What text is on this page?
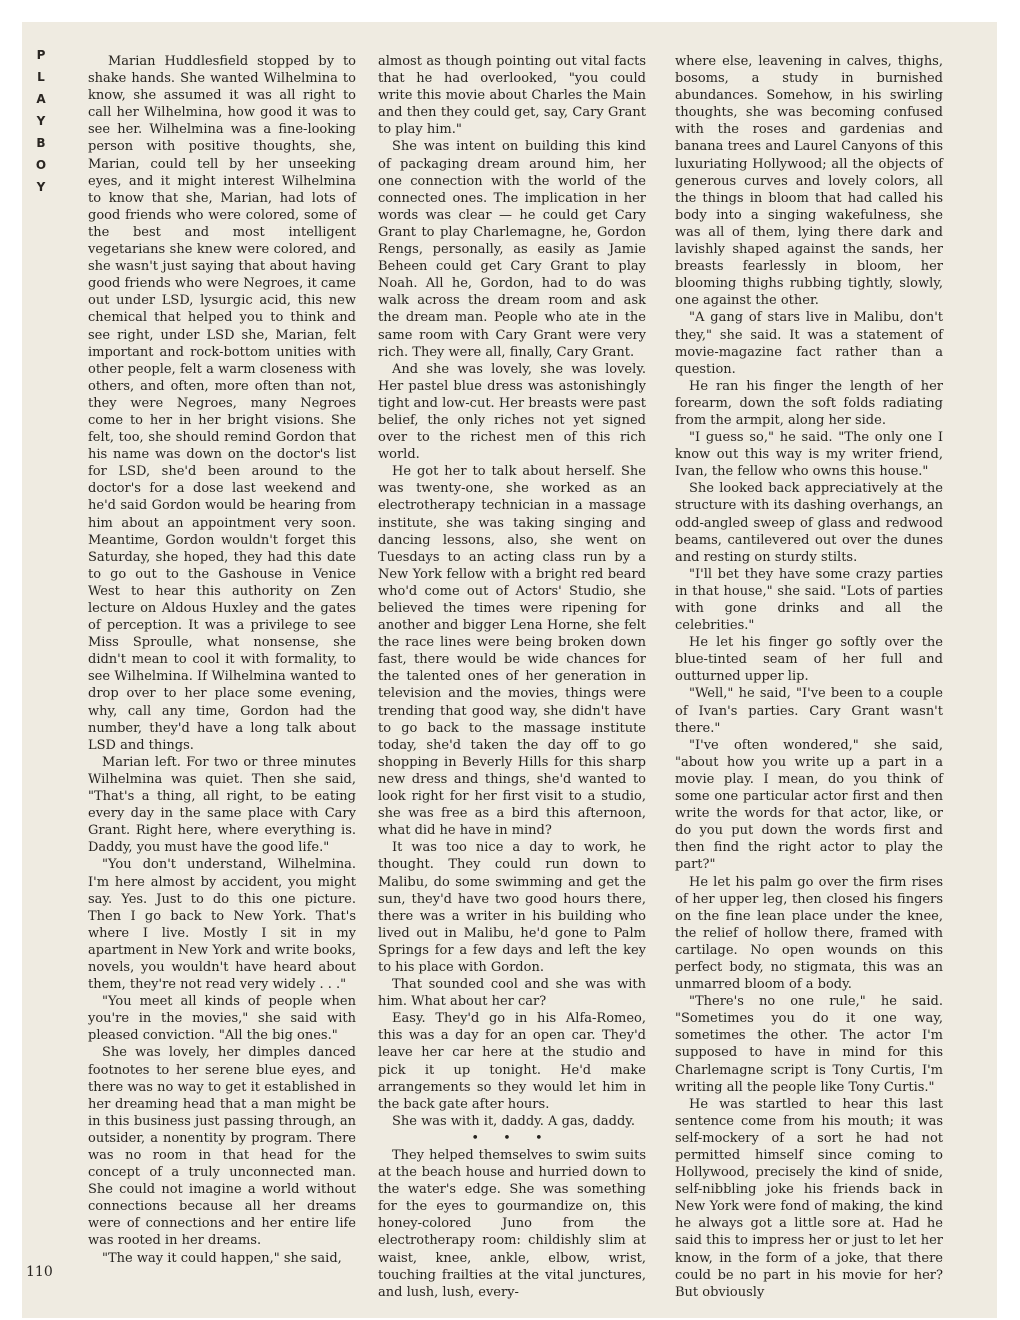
P
L
A
Y
B
O
Y
110

Marian Huddlesfield stopped by to shake hands. She wanted Wilhelmina to know, she assumed it was all right to call her Wilhelmina, how good it was to see her. Wilhelmina was a fine-looking person with positive thoughts, she, Marian, could tell by her unseeking eyes, and it might interest Wilhelmina to know that she, Marian, had lots of good friends who were colored, some of the best and most intelligent vegetarians she knew were colored, and she wasn't just saying that about having good friends who were Negroes, it came out under LSD, lysurgic acid, this new chemical that helped you to think and see right, under LSD she, Marian, felt important and rock-bottom unities with other people, felt a warm closeness with others, and often, more often than not, they were Negroes, many Negroes come to her in her bright visions. She felt, too, she should remind Gordon that his name was down on the doctor's list for LSD, she'd been around to the doctor's for a dose last weekend and he'd said Gordon would be hearing from him about an appointment very soon. Meantime, Gordon wouldn't forget this Saturday, she hoped, they had this date to go out to the Gashouse in Venice West to hear this authority on Zen lecture on Aldous Huxley and the gates of perception. It was a privilege to see Miss Sproulle, what nonsense, she didn't mean to cool it with formality, to see Wilhelmina. If Wilhelmina wanted to drop over to her place some evening, why, call any time, Gordon had the number, they'd have a long talk about LSD and things.

Marian left. For two or three minutes Wilhelmina was quiet. Then she said, "That's a thing, all right, to be eating every day in the same place with Cary Grant. Right here, where everything is. Daddy, you must have the good life."

"You don't understand, Wilhelmina. I'm here almost by accident, you might say. Yes. Just to do this one picture. Then I go back to New York. That's where I live. Mostly I sit in my apartment in New York and write books, novels, you wouldn't have heard about them, they're not read very widely . . ."

"You meet all kinds of people when you're in the movies," she said with pleased conviction. "All the big ones."

She was lovely, her dimples danced footnotes to her serene blue eyes, and there was no way to get it established in her dreaming head that a man might be in this business just passing through, an outsider, a nonentity by program. There was no room in that head for the concept of a truly unconnected man. She could not imagine a world without connections because all her dreams were of connections and her entire life was rooted in her dreams.

"The way it could happen," she said,

almost as though pointing out vital facts that he had overlooked, "you could write this movie about Charles the Main and then they could get, say, Cary Grant to play him."

She was intent on building this kind of packaging dream around him, her one connection with the world of the connected ones. The implication in her words was clear — he could get Cary Grant to play Charlemagne, he, Gordon Rengs, personally, as easily as Jamie Beheen could get Cary Grant to play Noah. All he, Gordon, had to do was walk across the dream room and ask the dream man. People who ate in the same room with Cary Grant were very rich. They were all, finally, Cary Grant.

And she was lovely, she was lovely. Her pastel blue dress was astonishingly tight and low-cut. Her breasts were past belief, the only riches not yet signed over to the richest men of this rich world.

He got her to talk about herself. She was twenty-one, she worked as an electrotherapy technician in a massage institute, she was taking singing and dancing lessons, also, she went on Tuesdays to an acting class run by a New York fellow with a bright red beard who'd come out of Actors' Studio, she believed the times were ripening for another and bigger Lena Horne, she felt the race lines were being broken down fast, there would be wide chances for the talented ones of her generation in television and the movies, things were trending that good way, she didn't have to go back to the massage institute today, she'd taken the day off to go shopping in Beverly Hills for this sharp new dress and things, she'd wanted to look right for her first visit to a studio, she was free as a bird this afternoon, what did he have in mind?

It was too nice a day to work, he thought. They could run down to Malibu, do some swimming and get the sun, they'd have two good hours there, there was a writer in his building who lived out in Malibu, he'd gone to Palm Springs for a few days and left the key to his place with Gordon.

That sounded cool and she was with him. What about her car?

Easy. They'd go in his Alfa-Romeo, this was a day for an open car. They'd leave her car here at the studio and pick it up tonight. He'd make arrangements so they would let him in the back gate after hours.

She was with it, daddy. A gas, daddy.

• • •

They helped themselves to swim suits at the beach house and hurried down to the water's edge. She was something for the eyes to gourmandize on, this honey-colored Juno from the electrotherapy room: childishly slim at waist, knee, ankle, elbow, wrist, touching frailties at the vital junctures, and lush, lush, every-

where else, leavening in calves, thighs, bosoms, a study in burnished abundances. Somehow, in his swirling thoughts, she was becoming confused with the roses and gardenias and banana trees and Laurel Canyons of this luxuriating Hollywood; all the objects of generous curves and lovely colors, all the things in bloom that had called his body into a singing wakefulness, she was all of them, lying there dark and lavishly shaped against the sands, her breasts fearlessly in bloom, her blooming thighs rubbing tightly, slowly, one against the other.

"A gang of stars live in Malibu, don't they," she said. It was a statement of movie-magazine fact rather than a question.

He ran his finger the length of her forearm, down the soft folds radiating from the armpit, along her side.

"I guess so," he said. "The only one I know out this way is my writer friend, Ivan, the fellow who owns this house."

She looked back appreciatively at the structure with its dashing overhangs, an odd-angled sweep of glass and redwood beams, cantilevered out over the dunes and resting on sturdy stilts.

"I'll bet they have some crazy parties in that house," she said. "Lots of parties with gone drinks and all the celebrities."

He let his finger go softly over the blue-tinted seam of her full and outturned upper lip.

"Well," he said, "I've been to a couple of Ivan's parties. Cary Grant wasn't there."

"I've often wondered," she said, "about how you write up a part in a movie play. I mean, do you think of some one particular actor first and then write the words for that actor, like, or do you put down the words first and then find the right actor to play the part?"

He let his palm go over the firm rises of her upper leg, then closed his fingers on the fine lean place under the knee, the relief of hollow there, framed with cartilage. No open wounds on this perfect body, no stigmata, this was an unmarred bloom of a body.

"There's no one rule," he said. "Sometimes you do it one way, sometimes the other. The actor I'm supposed to have in mind for this Charlemagne script is Tony Curtis, I'm writing all the people like Tony Curtis."

He was startled to hear this last sentence come from his mouth; it was self-mockery of a sort he had not permitted himself since coming to Hollywood, precisely the kind of snide, self-nibbling joke his friends back in New York were fond of making, the kind he always got a little sore at. Had he said this to impress her or just to let her know, in the form of a joke, that there could be no part in his movie for her? But obviously
